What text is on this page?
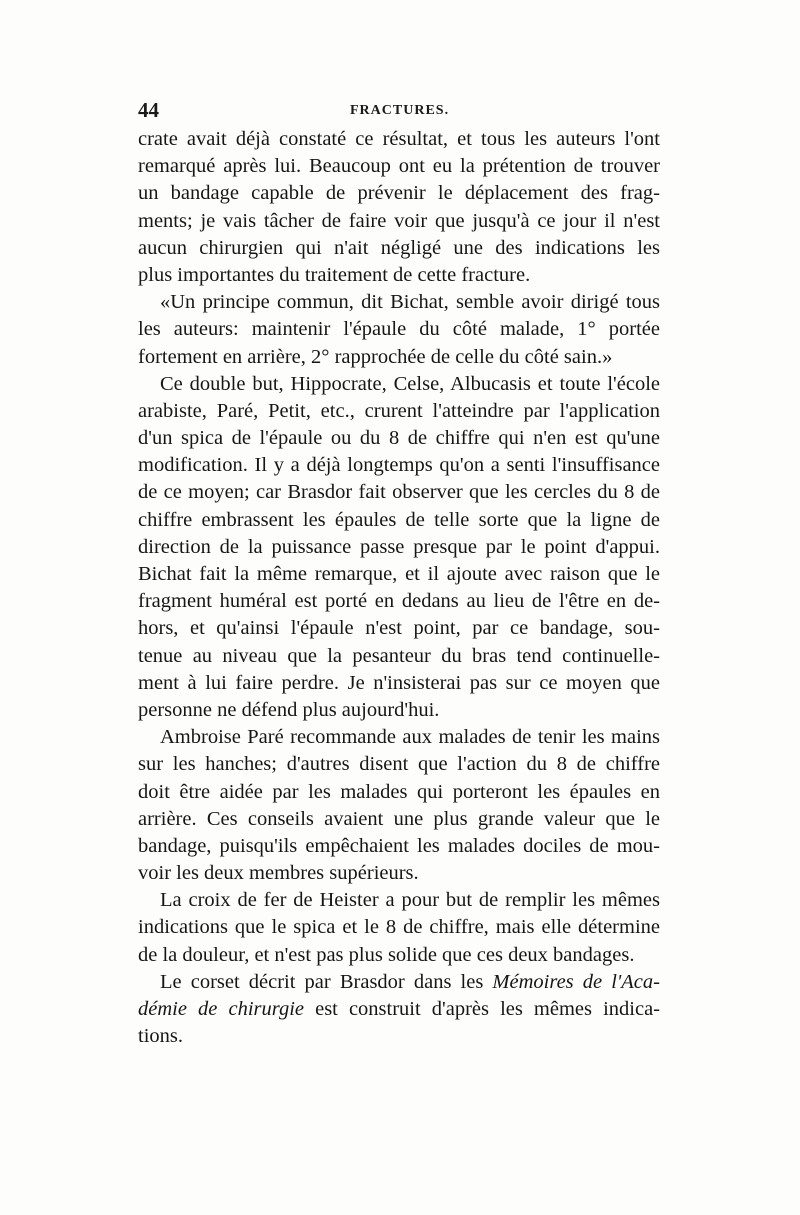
44	FRACTURES.
crate avait déjà constaté ce résultat, et tous les auteurs l'ont
remarqué après lui. Beaucoup ont eu la prétention de trouver
un bandage capable de prévenir le déplacement des frag-
ments; je vais tâcher de faire voir que jusqu'à ce jour il n'est
aucun chirurgien qui n'ait négligé une des indications les
plus importantes du traitement de cette fracture.
«Un principe commun, dit Bichat, semble avoir dirigé tous
les auteurs: maintenir l'épaule du côté malade, 1° portée
fortement en arrière, 2° rapprochée de celle du côté sain.»
Ce double but, Hippocrate, Celse, Albucasis et toute l'école
arabiste, Paré, Petit, etc., crurent l'atteindre par l'application
d'un spica de l'épaule ou du 8 de chiffre qui n'en est qu'une
modification. Il y a déjà longtemps qu'on a senti l'insuffisance
de ce moyen; car Brasdor fait observer que les cercles du 8 de
chiffre embrassent les épaules de telle sorte que la ligne de
direction de la puissance passe presque par le point d'appui.
Bichat fait la même remarque, et il ajoute avec raison que le
fragment huméral est porté en dedans au lieu de l'être en de-
hors, et qu'ainsi l'épaule n'est point, par ce bandage, sou-
tenue au niveau que la pesanteur du bras tend continuelle-
ment à lui faire perdre. Je n'insisterai pas sur ce moyen que
personne ne défend plus aujourd'hui.
Ambroise Paré recommande aux malades de tenir les mains
sur les hanches; d'autres disent que l'action du 8 de chiffre
doit être aidée par les malades qui porteront les épaules en
arrière. Ces conseils avaient une plus grande valeur que le
bandage, puisqu'ils empêchaient les malades dociles de mou-
voir les deux membres supérieurs.
La croix de fer de Heister a pour but de remplir les mêmes
indications que le spica et le 8 de chiffre, mais elle détermine
de la douleur, et n'est pas plus solide que ces deux bandages.
Le corset décrit par Brasdor dans les Mémoires de l'Aca-
démie de chirurgie est construit d'après les mêmes indica-
tions.
